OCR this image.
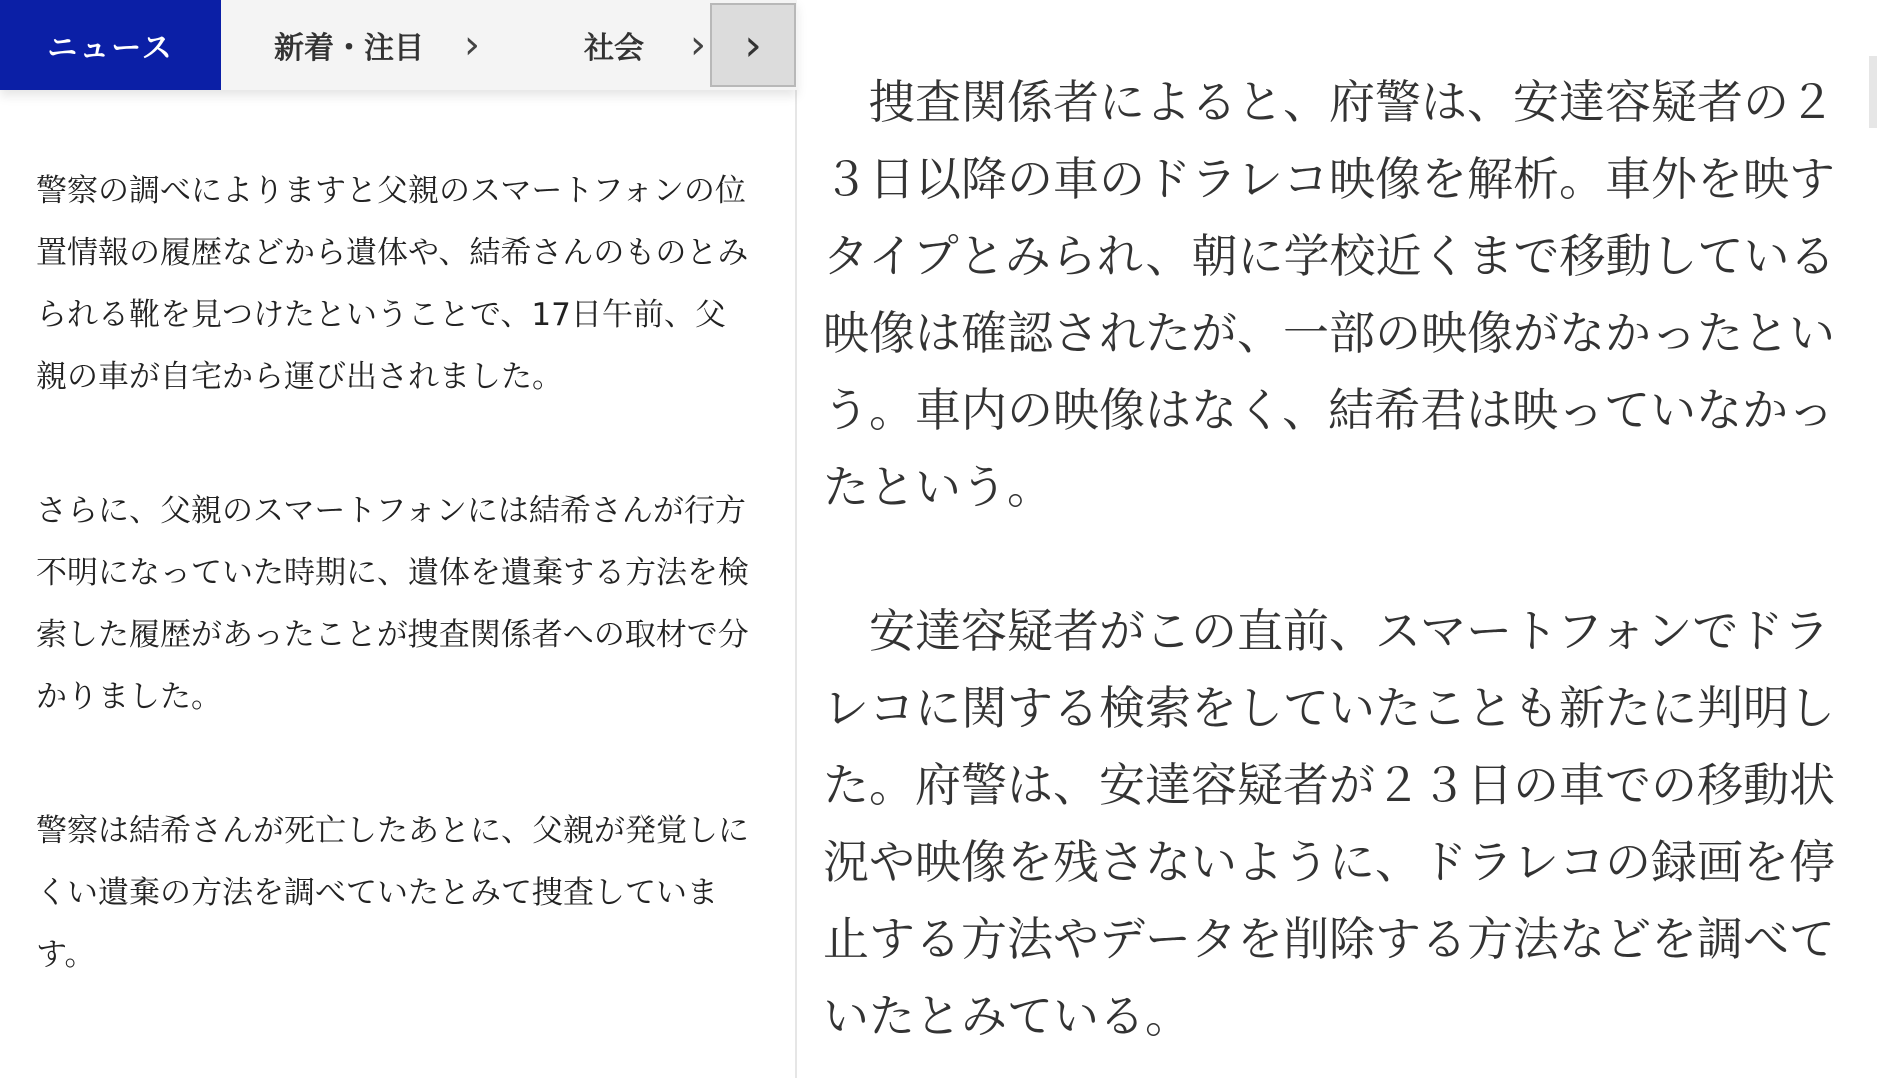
ニュース	新着・注目 ›	社会 › ›

警察の調べによりますと父親のスマートフォンの位置情報の履歴などから遺体や、結希さんのものとみられる靴を見つけたということで、17日午前、父親の車が自宅から運び出されました。

さらに、父親のスマートフォンには結希さんが行方不明になっていた時期に、遺体を遺棄する方法を検索した履歴があったことが捜査関係者への取材で分かりました。

警察は結希さんが死亡したあとに、父親が発覚しにくい遺棄の方法を調べていたとみて捜査しています。

捜査関係者によると、府警は、安達容疑者の２３日以降の車のドラレコ映像を解析。車外を映すタイプとみられ、朝に学校近くまで移動している映像は確認されたが、一部の映像がなかったという。車内の映像はなく、結希君は映っていなかったという。

安達容疑者がこの直前、スマートフォンでドラレコに関する検索をしていたことも新たに判明した。府警は、安達容疑者が２３日の車での移動状況や映像を残さないように、ドラレコの録画を停止する方法やデータを削除する方法などを調べていたとみている。
